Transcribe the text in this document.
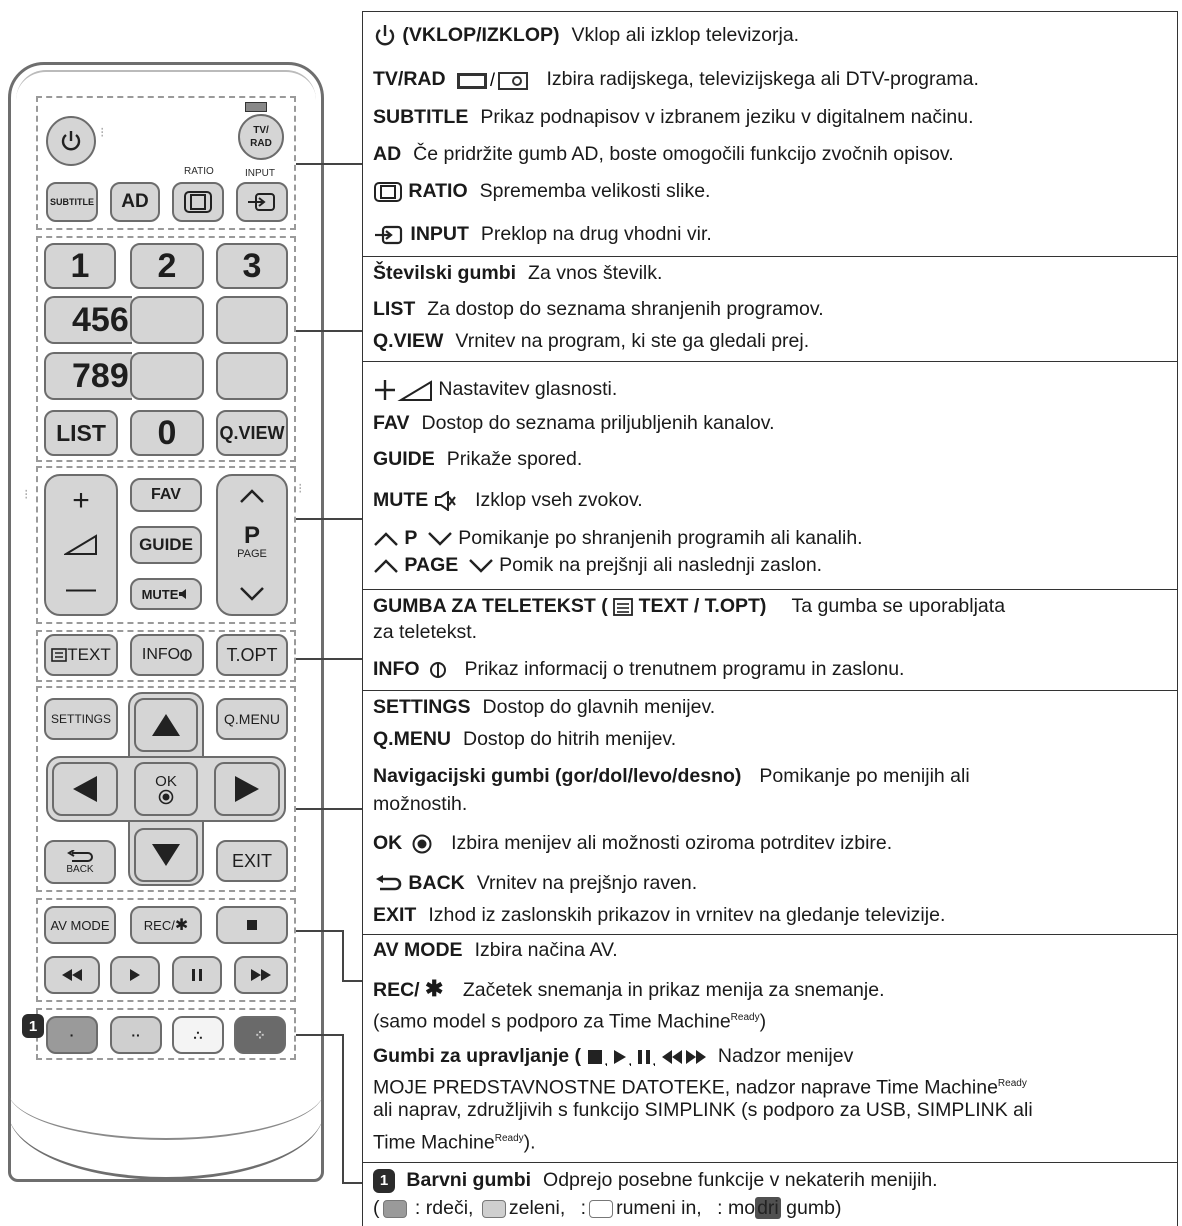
⁝	TV/
RAD
RATIO	INPUT
SUBTITLE	AD
1	2	3
456
789
LIST	0	Q.VIEW
⁝	⁝
+
—
FAV
GUIDE
MUTE
P
PAGE
TEXT INFO	T.OPT
SETTINGS	Q.MENU
OK
BACK	EXIT
AV MODE	REC/ ✱
1
·	··	∴	⁘
(VKLOP/IZKLOP) Vklop ali izklop televizorja.
TV/RAD /	Izbira radijskega, televizijskega ali DTV-programa.
SUBTITLE Prikaz podnapisov v izbranem jeziku v digitalnem načinu.
AD Če pridržite gumb AD, boste omogočili funkcijo zvočnih opisov.
RATIO Sprememba velikosti slike.
INPUT Preklop na drug vhodni vir.
Številski gumbi Za vnos številk.
LIST Za dostop do seznama shranjenih programov.
Q.VIEW Vrnitev na program, ki ste ga gledali prej.
Nastavitev glasnosti.
FAV Dostop do seznama priljubljenih kanalov.
GUIDE Prikaže spored.
MUTE Izklop vseh zvokov.
P Pomikanje po shranjenih programih ali kanalih.
PAGE Pomik na prejšnji ali naslednji zaslon.
GUMBA ZA TELETEKST ( TEXT / T.OPT) Ta gumba se uporabljata
za teletekst.
INFO Prikaz informacij o trenutnem programu in zaslonu.
SETTINGS Dostop do glavnih menijev.
Q.MENU Dostop do hitrih menijev.
Navigacijski gumbi (gor/dol/levo/desno) Pomikanje po menijih ali
možnostih.
OK	Izbira menijev ali možnosti oziroma potrditev izbire.
BACK Vrnitev na prejšnjo raven.
EXIT Izhod iz zaslonskih prikazov in vrnitev na gledanje televizije.
AV MODE Izbira načina AV.
REC/ ✱ Začetek snemanja in prikaz menija za snemanje.
(samo model s podporo za Time Machine$^{Ready}$)
Gumbi za upravljanje ( , , ,	Nadzor menijev
MOJE PREDSTAVNOSTNE DATOTEKE, nadzor naprave Time Machine$^{Ready}$
ali naprav, združljivih s funkcijo SIMPLINK (s podporo za USB, SIMPLINK ali
Time Machine$^{Ready}$).
1 Barvni gumbi Odprejo posebne funkcije v nekaterih menijih.
( : rdeči, zeleni, : rumeni in, : mo dri gumb)
